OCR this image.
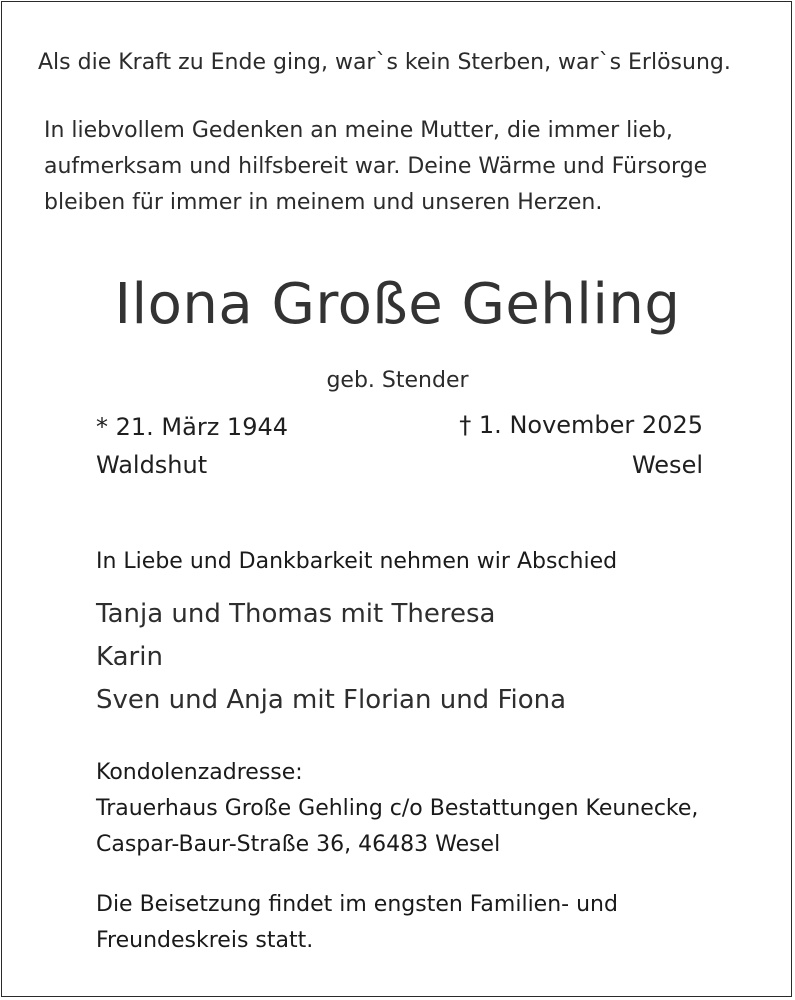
Als die Kraft zu Ende ging, war`s kein Sterben, war`s Erlösung.
In liebvollem Gedenken an meine Mutter, die immer lieb,
aufmerksam und hilfsbereit war. Deine Wärme und Fürsorge
bleiben für immer in meinem und unseren Herzen.
Ilona Große Gehling
geb. Stender
* 21. März 1944
Waldshut
† 1. November 2025
Wesel
In Liebe und Dankbarkeit nehmen wir Abschied
Tanja und Thomas mit Theresa
Karin
Sven und Anja mit Florian und Fiona
Kondolenzadresse:
Trauerhaus Große Gehling c/o Bestattungen Keunecke,
Caspar-Baur-Straße 36, 46483 Wesel
Die Beisetzung findet im engsten Familien- und
Freundeskreis statt.
